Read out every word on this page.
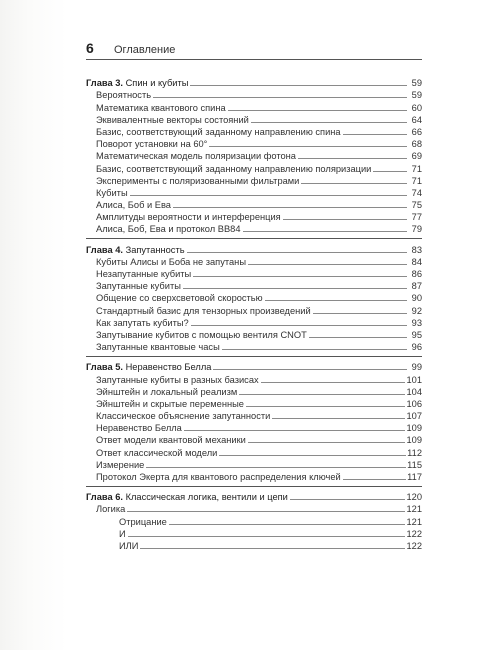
6	Оглавление
Глава 3. Спин и кубиты	59
Вероятность	59
Математика квантового спина	60
Эквивалентные векторы состояний	64
Базис, соответствующий заданному направлению спина	66
Поворот установки на 60°	68
Математическая модель поляризации фотона	69
Базис, соответствующий заданному направлению поляризации	71
Эксперименты с поляризованными фильтрами	71
Кубиты	74
Алиса, Боб и Ева	75
Амплитуды вероятности и интерференция	77
Алиса, Боб, Ева и протокол BB84	79
Глава 4. Запутанность	83
Кубиты Алисы и Боба не запутаны	84
Незапутанные кубиты	86
Запутанные кубиты	87
Общение со сверхсветовой скоростью	90
Стандартный базис для тензорных произведений	92
Как запутать кубиты?	93
Запутывание кубитов с помощью вентиля CNOT	95
Запутанные квантовые часы	96
Глава 5. Неравенство Белла	99
Запутанные кубиты в разных базисах	101
Эйнштейн и локальный реализм	104
Эйнштейн и скрытые переменные	106
Классическое объяснение запутанности	107
Неравенство Белла	109
Ответ модели квантовой механики	109
Ответ классической модели	112
Измерение	115
Протокол Экерта для квантового распределения ключей	117
Глава 6. Классическая логика, вентили и цепи	120
Логика	121
Отрицание	121
И	122
ИЛИ	122
